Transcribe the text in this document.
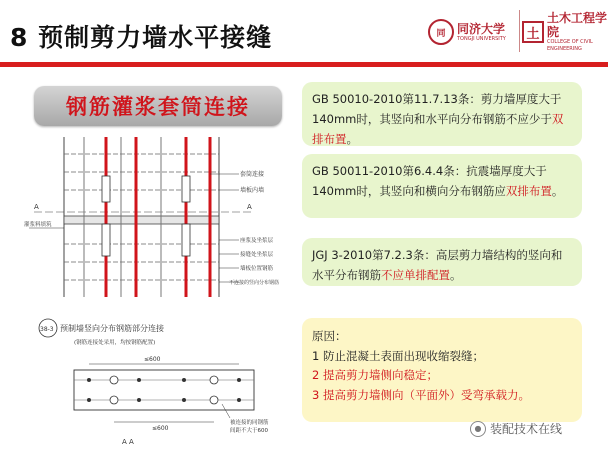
8 预制剪力墙水平接缝	同 同济大学
TONGJI UNIVERSITY	土
土木工程学院
COLLEGE OF CIVIL ENGINEERING
钢筋灌浆套筒连接
A	A
套筒连接
墙板内墙
灌浆料填筑
座浆及坐浆层
接缝处坐浆层
墙板位置钢筋
不连接的竖向分布钢筋
38-3 预制墙竖向分布钢筋部分连接
(钢筋连接处采用，均按钢筋配置)
≤600
≤600
A A
被连接的同钢筋
间距不大于600
GB 50010-2010第11.7.13条：剪力墙厚度大于140mm时，其竖向和水平向分布钢筋不应少于双排布置。
GB 50011-2010第6.4.4条：抗震墙厚度大于140mm时，其竖向和横向分布钢筋应双排布置。
JGJ 3-2010第7.2.3条：高层剪力墙结构的竖向和水平分布钢筋不应单排配置。
原因：
1 防止混凝土表面出现收缩裂缝；
2 提高剪力墙侧向稳定；
3 提高剪力墙侧向（平面外）受弯承载力。
● 装配技术在线
